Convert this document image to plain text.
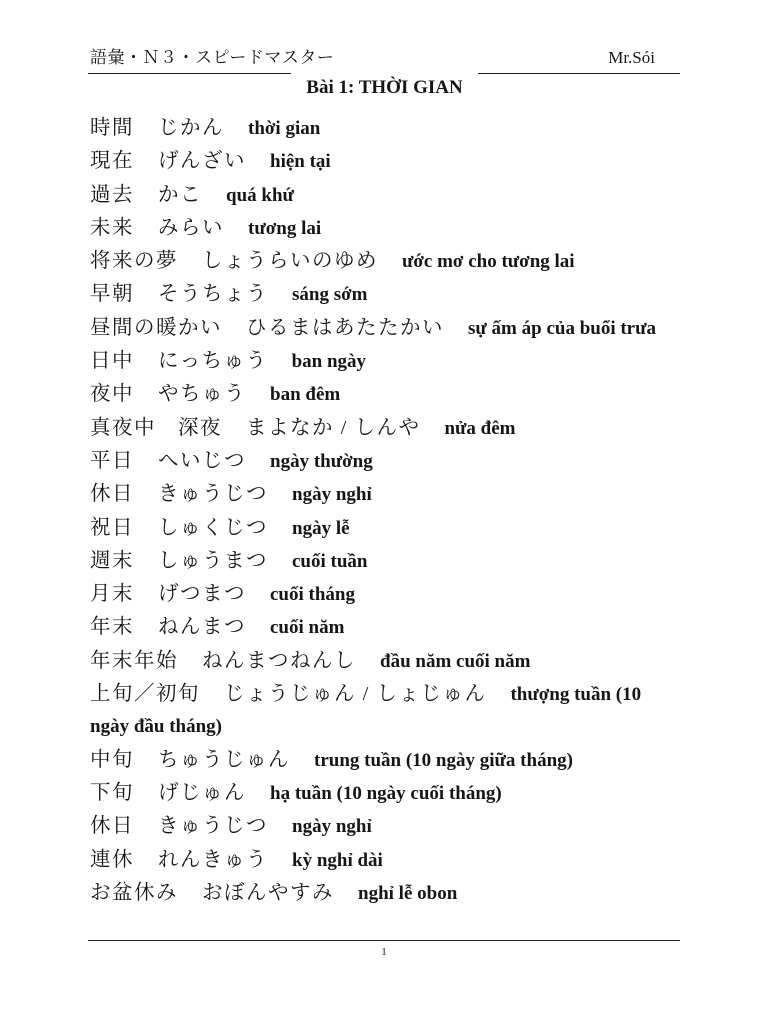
語彙・Ｎ３・スピードマスター	Mr.Sói
Bài 1: THỜI GIAN
時間 じかん thời gian
現在 げんざい hiện tại
過去 かこ quá khứ
未来 みらい tương lai
将来の夢 しょうらいのゆめ ước mơ cho tương lai
早朝 そうちょう sáng sớm
昼間の暖かい ひるまはあたたかい sự ấm áp của buổi trưa
日中 にっちゅう ban ngày
夜中 やちゅう ban đêm
真夜中　深夜 まよなか / しんや nửa đêm
平日 へいじつ ngày thường
休日 きゅうじつ ngày nghỉ
祝日 しゅくじつ ngày lễ
週末 しゅうまつ cuối tuần
月末 げつまつ cuối tháng
年末 ねんまつ cuối năm
年末年始 ねんまつねんし đầu năm cuối năm
上旬／初旬 じょうじゅん / しょじゅん thượng tuần (10 ngày đầu tháng)
中旬 ちゅうじゅん trung tuần (10 ngày giữa tháng)
下旬 げじゅん hạ tuần (10 ngày cuối tháng)
休日 きゅうじつ ngày nghỉ
連休 れんきゅう kỳ nghỉ dài
お盆休み おぼんやすみ nghỉ lễ obon
1
